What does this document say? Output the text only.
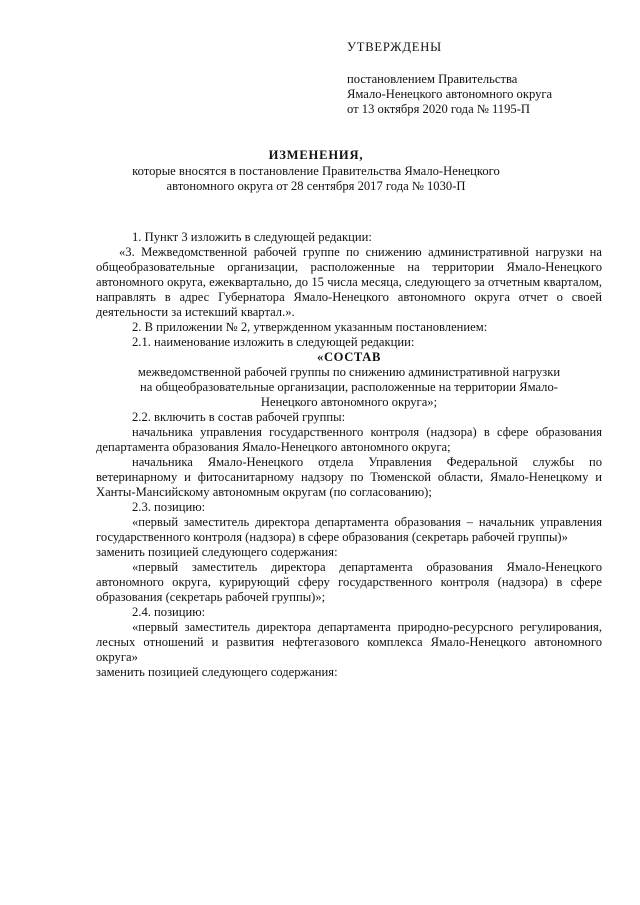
УТВЕРЖДЕНЫ
постановлением Правительства
Ямало-Ненецкого автономного округа
от 13 октября 2020 года № 1195-П
ИЗМЕНЕНИЯ,
которые вносятся в постановление Правительства Ямало-Ненецкого
автономного округа от 28 сентября 2017 года № 1030-П
1. Пункт 3 изложить в следующей редакции:
«3. Межведомственной рабочей группе по снижению административной нагрузки на общеобразовательные организации, расположенные на территории Ямало-Ненецкого автономного округа, ежеквартально, до 15 числа месяца, следующего за отчетным кварталом, направлять в адрес Губернатора Ямало-Ненецкого автономного округа отчет о своей деятельности за истекший квартал.».
2. В приложении № 2, утвержденном указанным постановлением:
2.1. наименование изложить в следующей редакции:
«СОСТАВ
межведомственной рабочей группы по снижению административной нагрузки
на общеобразовательные организации, расположенные на территории Ямало-
Ненецкого автономного округа»;
2.2. включить в состав рабочей группы:
начальника управления государственного контроля (надзора) в сфере образования департамента образования Ямало-Ненецкого автономного округа;
начальника Ямало-Ненецкого отдела Управления Федеральной службы по ветеринарному и фитосанитарному надзору по Тюменской области, Ямало-Ненецкому и Ханты-Мансийскому автономным округам (по согласованию);
2.3. позицию:
«первый заместитель директора департамента образования – начальник управления государственного контроля (надзора) в сфере образования (секретарь рабочей группы)»
заменить позицией следующего содержания:
«первый заместитель директора департамента образования Ямало-Ненецкого автономного округа, курирующий сферу государственного контроля (надзора) в сфере образования (секретарь рабочей группы)»;
2.4. позицию:
«первый заместитель директора департамента природно-ресурсного регулирования, лесных отношений и развития нефтегазового комплекса Ямало-Ненецкого автономного округа»
заменить позицией следующего содержания:
